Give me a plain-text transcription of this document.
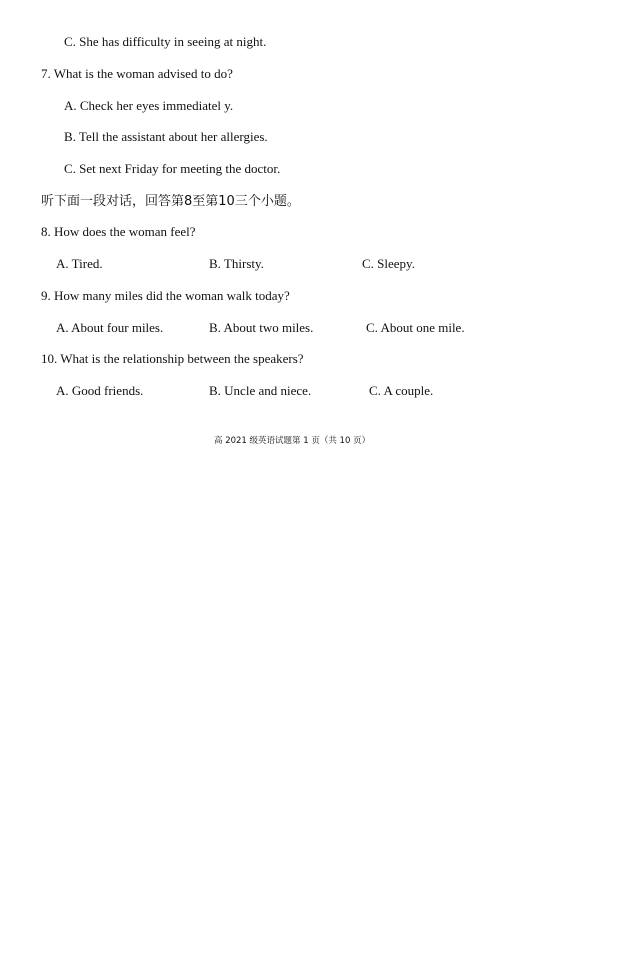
C. She has difficulty in seeing at night.
7. What is the woman advised to do?
A. Check her eyes immediatel y.
B. Tell the assistant about her allergies.
C. Set next Friday for meeting the doctor.
听下面一段对话，回答第8至第10三个小题。
8. How does the woman feel?
A. Tired.	B. Thirsty.	C. Sleepy.
9. How many miles did the woman walk today?
A. About four miles.	B. About two miles.	C. About one mile.
10. What is the relationship between the speakers?
A. Good friends.	B. Uncle and niece.	C. A couple.
高 2021 级英语试题第 1 页（共 10 页）
